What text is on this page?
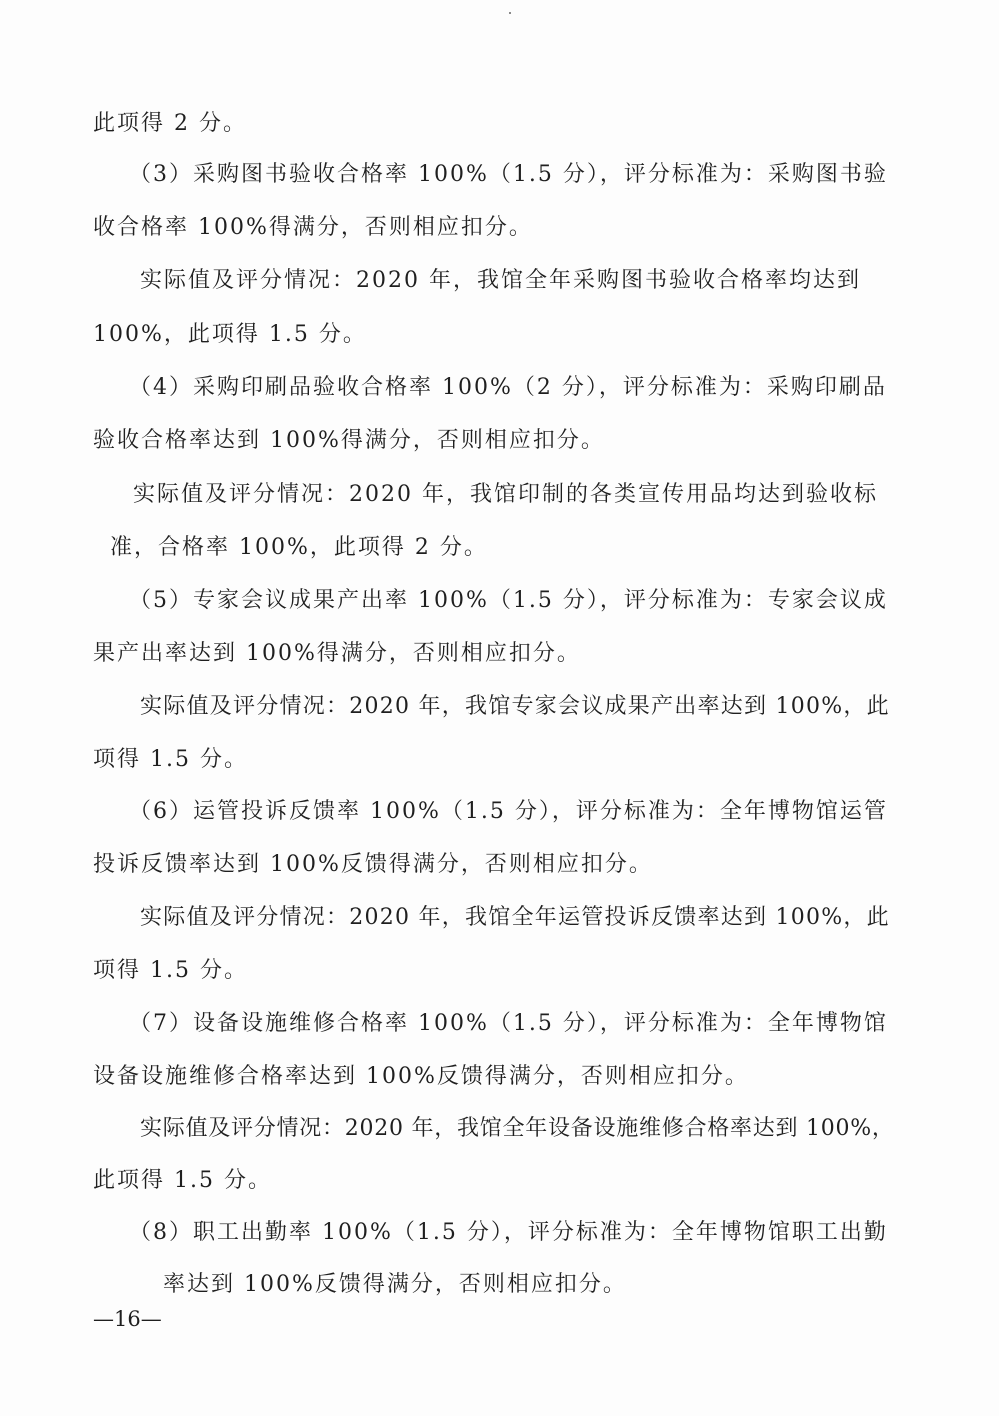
此项得 2 分。
（3）采购图书验收合格率 100%（1.5 分），评分标准为：采购图书验
收合格率 100%得满分，否则相应扣分。
实际值及评分情况：2020 年，我馆全年采购图书验收合格率均达到
100%，此项得 1.5 分。
（4）采购印刷品验收合格率 100%（2 分），评分标准为：采购印刷品
验收合格率达到 100%得满分，否则相应扣分。
实际值及评分情况：2020 年，我馆印制的各类宣传用品均达到验收标
准，合格率 100%，此项得 2 分。
（5）专家会议成果产出率 100%（1.5 分），评分标准为：专家会议成
果产出率达到 100%得满分，否则相应扣分。
实际值及评分情况：2020 年，我馆专家会议成果产出率达到 100%，此
项得 1.5 分。
（6）运管投诉反馈率 100%（1.5 分），评分标准为：全年博物馆运管
投诉反馈率达到 100%反馈得满分，否则相应扣分。
实际值及评分情况：2020 年，我馆全年运管投诉反馈率达到 100%，此
项得 1.5 分。
（7）设备设施维修合格率 100%（1.5 分），评分标准为：全年博物馆
设备设施维修合格率达到 100%反馈得满分，否则相应扣分。
实际值及评分情况：2020 年，我馆全年设备设施维修合格率达到 100%，
此项得 1.5 分。
（8）职工出勤率 100%（1.5 分），评分标准为：全年博物馆职工出勤
率达到 100%反馈得满分，否则相应扣分。
—16—
